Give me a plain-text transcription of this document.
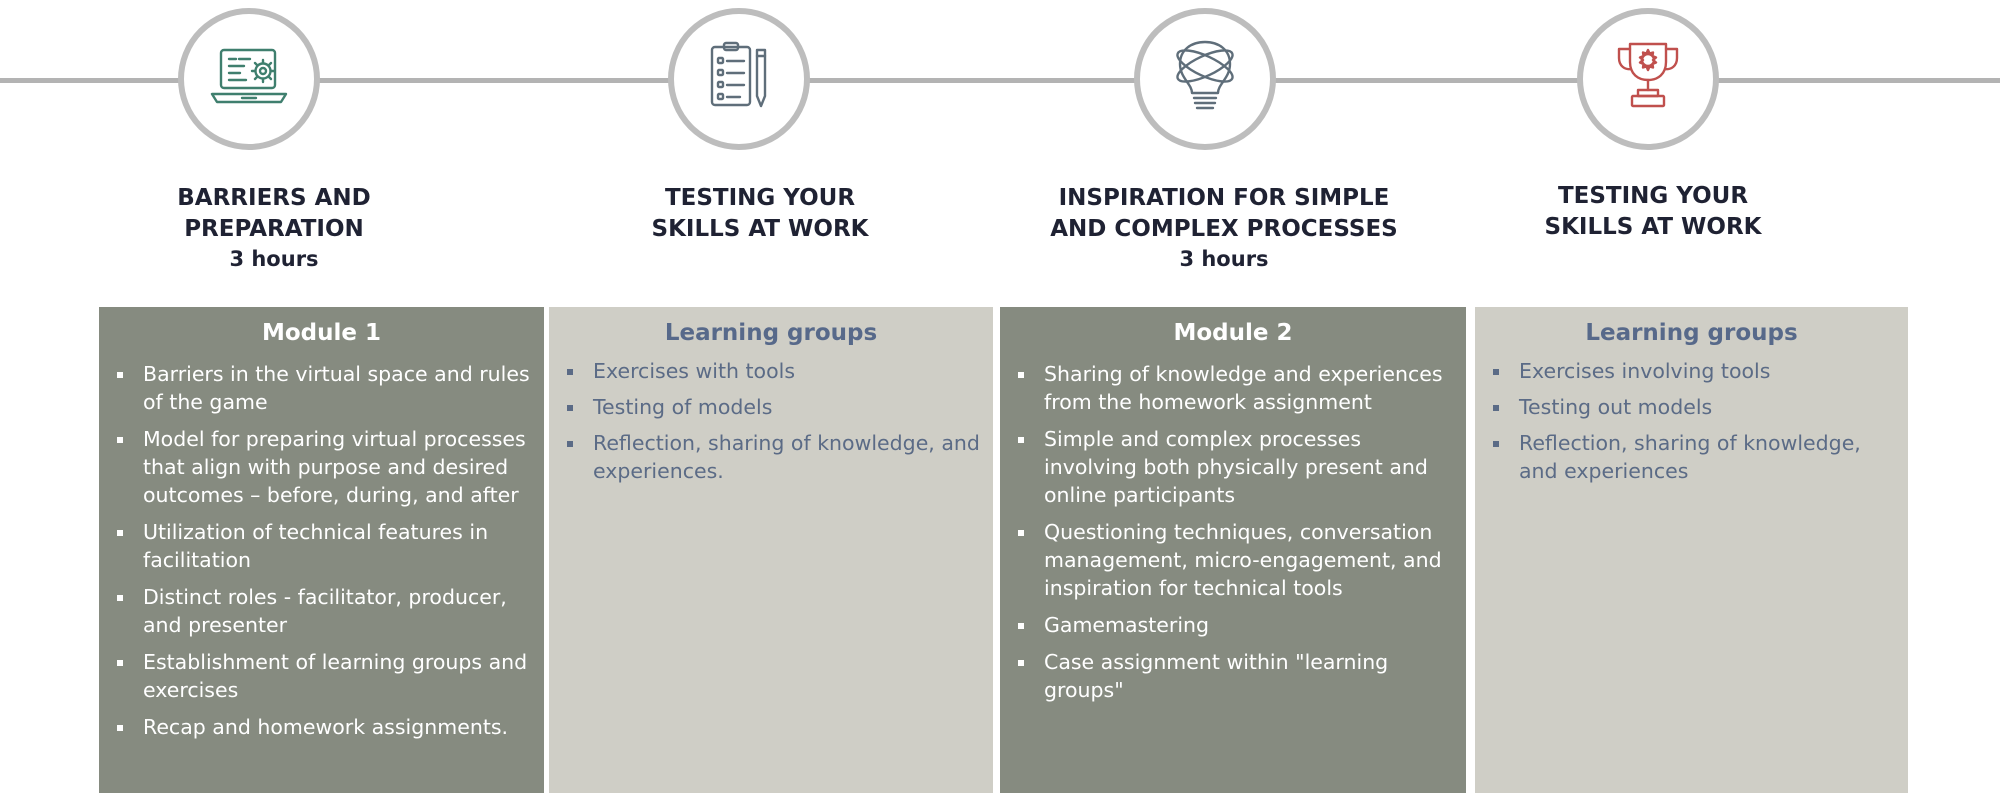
BARRIERS AND
PREPARATION
3 hours
TESTING YOUR
SKILLS AT WORK
INSPIRATION FOR SIMPLE
AND COMPLEX PROCESSES
3 hours
TESTING YOUR
SKILLS AT WORK
Module 1
Barriers in the virtual space and rules of the game
Model for preparing virtual processes that align with purpose and desired outcomes – before, during, and after
Utilization of technical features in facilitation
Distinct roles - facilitator, producer, and presenter
Establishment of learning groups and exercises
Recap and homework assignments.
Learning groups
Exercises with tools
Testing of models
Reflection, sharing of knowledge, and experiences.
Module 2
Sharing of knowledge and experiences from the homework assignment
Simple and complex processes involving both physically present and online participants
Questioning techniques, conversation management, micro-engagement, and inspiration for technical tools
Gamemastering
Case assignment within "learning groups"
Learning groups
Exercises involving tools
Testing out models
Reflection, sharing of knowledge, and experiences
